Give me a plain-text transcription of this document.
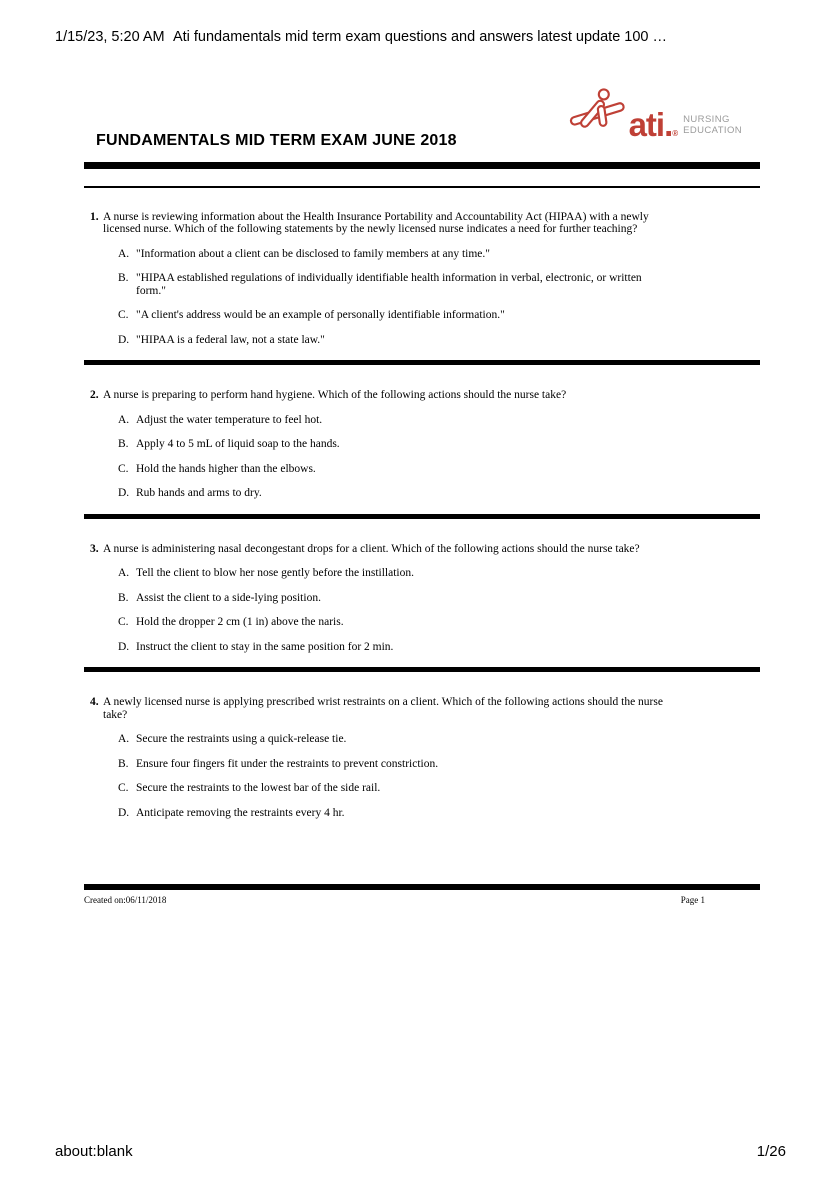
1/15/23, 5:20 AM Ati fundamentals mid term exam questions and answers latest update 100 …
ati.®
NURSING
EDUCATION
FUNDAMENTALS MID TERM EXAM JUNE 2018
1. A nurse is reviewing information about the Health Insurance Portability and Accountability Act (HIPAA) with a newly licensed nurse. Which of the following statements by the newly licensed nurse indicates a need for further teaching?
A. "Information about a client can be disclosed to family members at any time."
B. "HIPAA established regulations of individually identifiable health information in verbal, electronic, or written form."
C. "A client's address would be an example of personally identifiable information."
D. "HIPAA is a federal law, not a state law."
2. A nurse is preparing to perform hand hygiene. Which of the following actions should the nurse take?
A. Adjust the water temperature to feel hot.
B. Apply 4 to 5 mL of liquid soap to the hands.
C. Hold the hands higher than the elbows.
D. Rub hands and arms to dry.
3. A nurse is administering nasal decongestant drops for a client. Which of the following actions should the nurse take?
A. Tell the client to blow her nose gently before the instillation.
B. Assist the client to a side-lying position.
C. Hold the dropper 2 cm (1 in) above the naris.
D. Instruct the client to stay in the same position for 2 min.
4. A newly licensed nurse is applying prescribed wrist restraints on a client. Which of the following actions should the nurse take?
A. Secure the restraints using a quick-release tie.
B. Ensure four fingers fit under the restraints to prevent constriction.
C. Secure the restraints to the lowest bar of the side rail.
D. Anticipate removing the restraints every 4 hr.
Created on:06/11/2018	Page 1
about:blank	1/26
